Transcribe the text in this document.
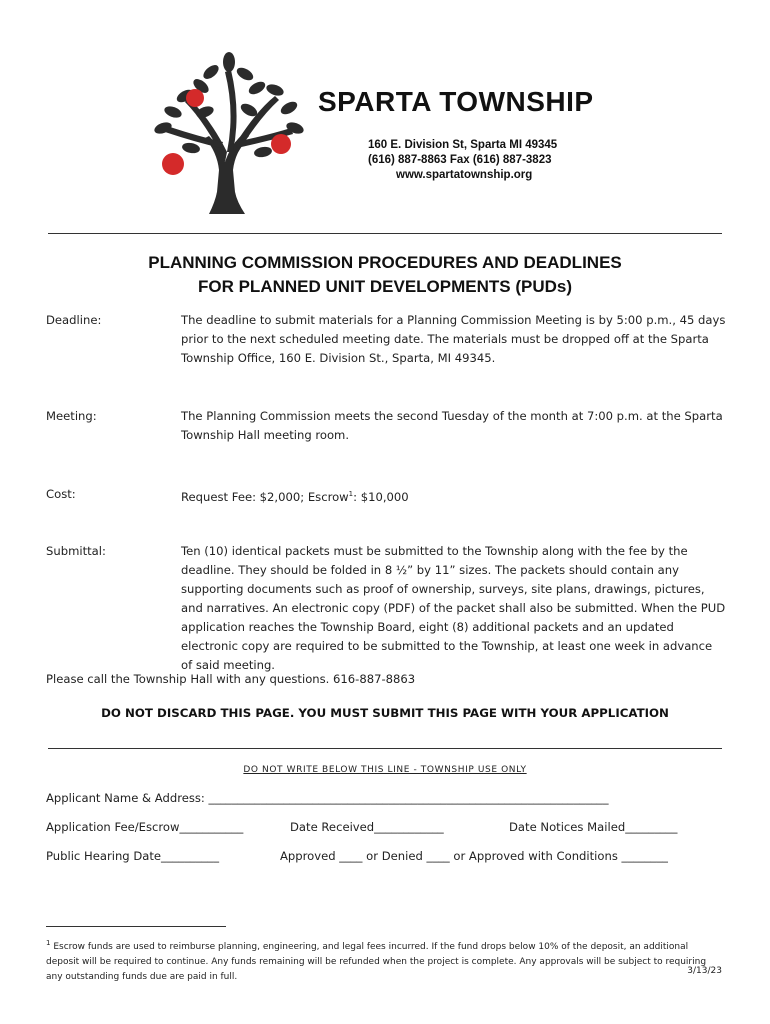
SPARTA TOWNSHIP
160 E. Division St, Sparta MI 49345
(616) 887-8863 Fax (616) 887-3823
www.spartatownship.org
PLANNING COMMISSION PROCEDURES AND DEADLINES
FOR PLANNED UNIT DEVELOPMENTS (PUDs)
Deadline:	The deadline to submit materials for a Planning Commission Meeting is by 5:00 p.m., 45 days prior to the next scheduled meeting date. The materials must be dropped off at the Sparta Township Office, 160 E. Division St., Sparta, MI 49345.
Meeting:	The Planning Commission meets the second Tuesday of the month at 7:00 p.m. at the Sparta Township Hall meeting room.
Cost:	Request Fee: $2,000; Escrow$^1$: $10,000
Submittal:	Ten (10) identical packets must be submitted to the Township along with the fee by the deadline. They should be folded in 8 ½” by 11” sizes. The packets should contain any supporting documents such as proof of ownership, surveys, site plans, drawings, pictures, and narratives. An electronic copy (PDF) of the packet shall also be submitted. When the PUD application reaches the Township Board, eight (8) additional packets and an updated electronic copy are required to be submitted to the Township, at least one week in advance of said meeting.
Please call the Township Hall with any questions. 616-887-8863
DO NOT DISCARD THIS PAGE. YOU MUST SUBMIT THIS PAGE WITH YOUR APPLICATION
DO NOT WRITE BELOW THIS LINE - TOWNSHIP USE ONLY
Applicant Name & Address: _____________________________________________________________________
Application Fee/Escrow___________	Date Received____________	Date Notices Mailed_________
Public Hearing Date__________	Approved ____ or Denied ____ or Approved with Conditions ________
$^1$ Escrow funds are used to reimburse planning, engineering, and legal fees incurred. If the fund drops below 10% of the deposit, an additional deposit will be required to continue. Any funds remaining will be refunded when the project is complete. Any approvals will be subject to requiring any outstanding funds due are paid in full.
3/13/23
